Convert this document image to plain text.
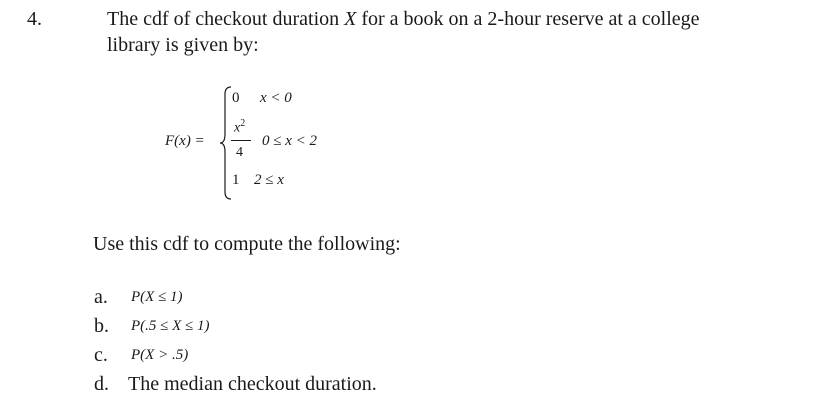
4.	The cdf of checkout duration X for a book on a 2-hour reserve at a college
library is given by:
F(x) =
0 x < 0
$x^2$
4
0 ≤ x < 2
1 2 ≤ x
Use this cdf to compute the following:
a. P(X ≤ 1)
b. P(.5 ≤ X ≤ 1)
c. P(X > .5)
d. The median checkout duration.
